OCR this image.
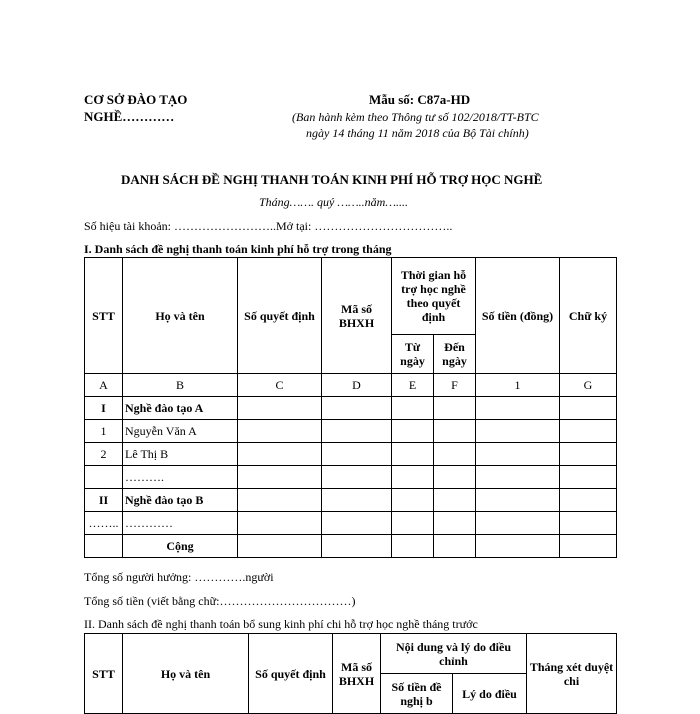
CƠ SỞ ĐÀO TẠO
NGHỀ…………
Mẫu số: C87a-HD
(Ban hành kèm theo Thông tư số 102/2018/TT-BTC
ngày 14 tháng 11 năm 2018 của Bộ Tài chính)
DANH SÁCH ĐỀ NGHỊ THANH TOÁN KINH PHÍ HỖ TRỢ HỌC NGHỀ
Tháng……. quý ……..năm…....
Số hiệu tài khoản: ……………………..Mở tại: ……………………………..
I. Danh sách đề nghị thanh toán kinh phí hỗ trợ trong tháng
STT	Họ và tên	Số quyết định	Mã số BHXH	Thời gian hỗ trợ học nghề theo quyết định		Số tiền (đồng)	Chữ ký
				Từ ngày	Đến ngày		
A	B	C	D	E	F	1	G
I	Nghề đào tạo A						
1	Nguyễn Văn A						
2	Lê Thị B						
	……….						
II	Nghề đào tạo B						
……..	…………						
	Cộng						
Tổng số người hưởng: ………….người
Tổng số tiền (viết bằng chữ:……………………………)
II. Danh sách đề nghị thanh toán bổ sung kinh phí chi hỗ trợ học nghề tháng trước
STT	Họ và tên	Số quyết định	Mã số BHXH	Nội dung và lý do điều chỉnh		Tháng xét duyệt chi
				Số tiền đề nghị b	Lý do điều	
